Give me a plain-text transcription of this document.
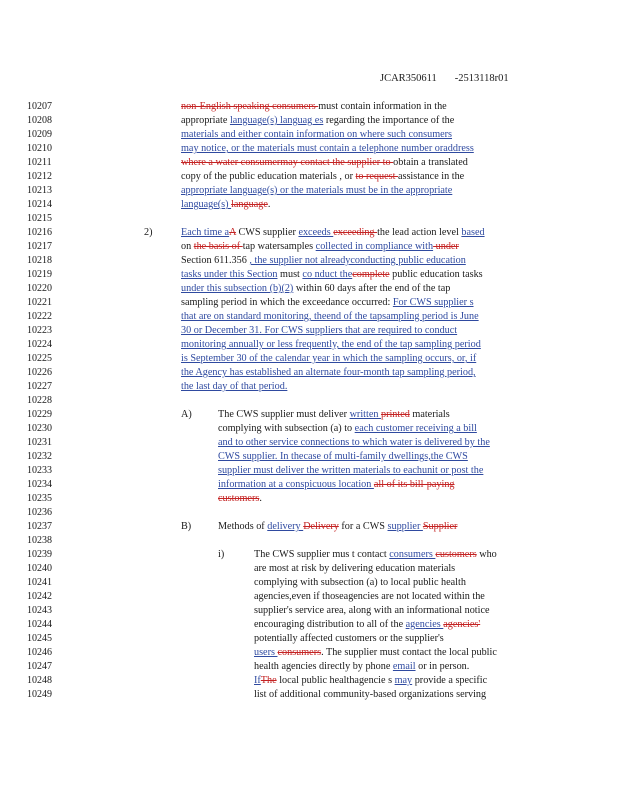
JCAR350611 -2513118r01
10207
10208
10209
10210
10211
10212
10213
10214
10215
10216
10217
10218
10219
10220
10221
10222
10223
10224
10225
10226
10227
10228
10229
10230
10231
10232
10233
10234
10235
10236
10237
10238
10239
10240
10241
10242
10243
10244
10245
10246
10247
10248
10249
2)
A)
B)
i)
non-English speaking consumers must contain information in the
appropriate language(s) languag es regarding the importance of the
materials and either contain information on where such consumers
may notice, or the materials must contain a telephone number oraddress
where a water consumermay contact the supplier to obtain a translated
copy of the public education materials , or to request assistance in the
appropriate language(s) or the materials must be in the appropriate
language(s) language.
Each time aA CWS supplier exceeds exceeding the lead action level based
on the basis of tap watersamples collected in compliance with under
Section 611.356 , the supplier not alreadyconducting public education
tasks under this Section must co nduct thecomplete public education tasks
under this subsection (b)(2) within 60 days after the end of the tap
sampling period in which the exceedance occurred: For CWS supplier s
that are on standard monitoring, theend of the tapsampling period is June
30 or December 31. For CWS suppliers that are required to conduct
monitoring annually or less frequently, the end of the tap sampling period
is September 30 of the calendar year in which the sampling occurs, or, if
the Agency has established an alternate four-month tap sampling period,
the last day of that period.
The CWS supplier must deliver written printed materials
complying with subsection (a) to each customer receiving a bill
and to other service connections to which water is delivered by the
CWS supplier. In thecase of multi-family dwellings,the CWS
supplier must deliver the written materials to eachunit or post the
information at a conspicuous location all of its bill-paying
customers.
Methods of delivery Delivery for a CWS supplier Supplier
The CWS supplier mus t contact consumers customers who
are most at risk by delivering education materials
complying with subsection (a) to local public health
agencies,even if thoseagencies are not located within the
supplier's service area, along with an informational notice
encouraging distribution to all of the agencies agencies'
potentially affected customers or the supplier's
users consumers. The supplier must contact the local public
health agencies directly by phone email or in person.
IfThe local public healthagencie s may provide a specific
list of additional community-based organizations serving
